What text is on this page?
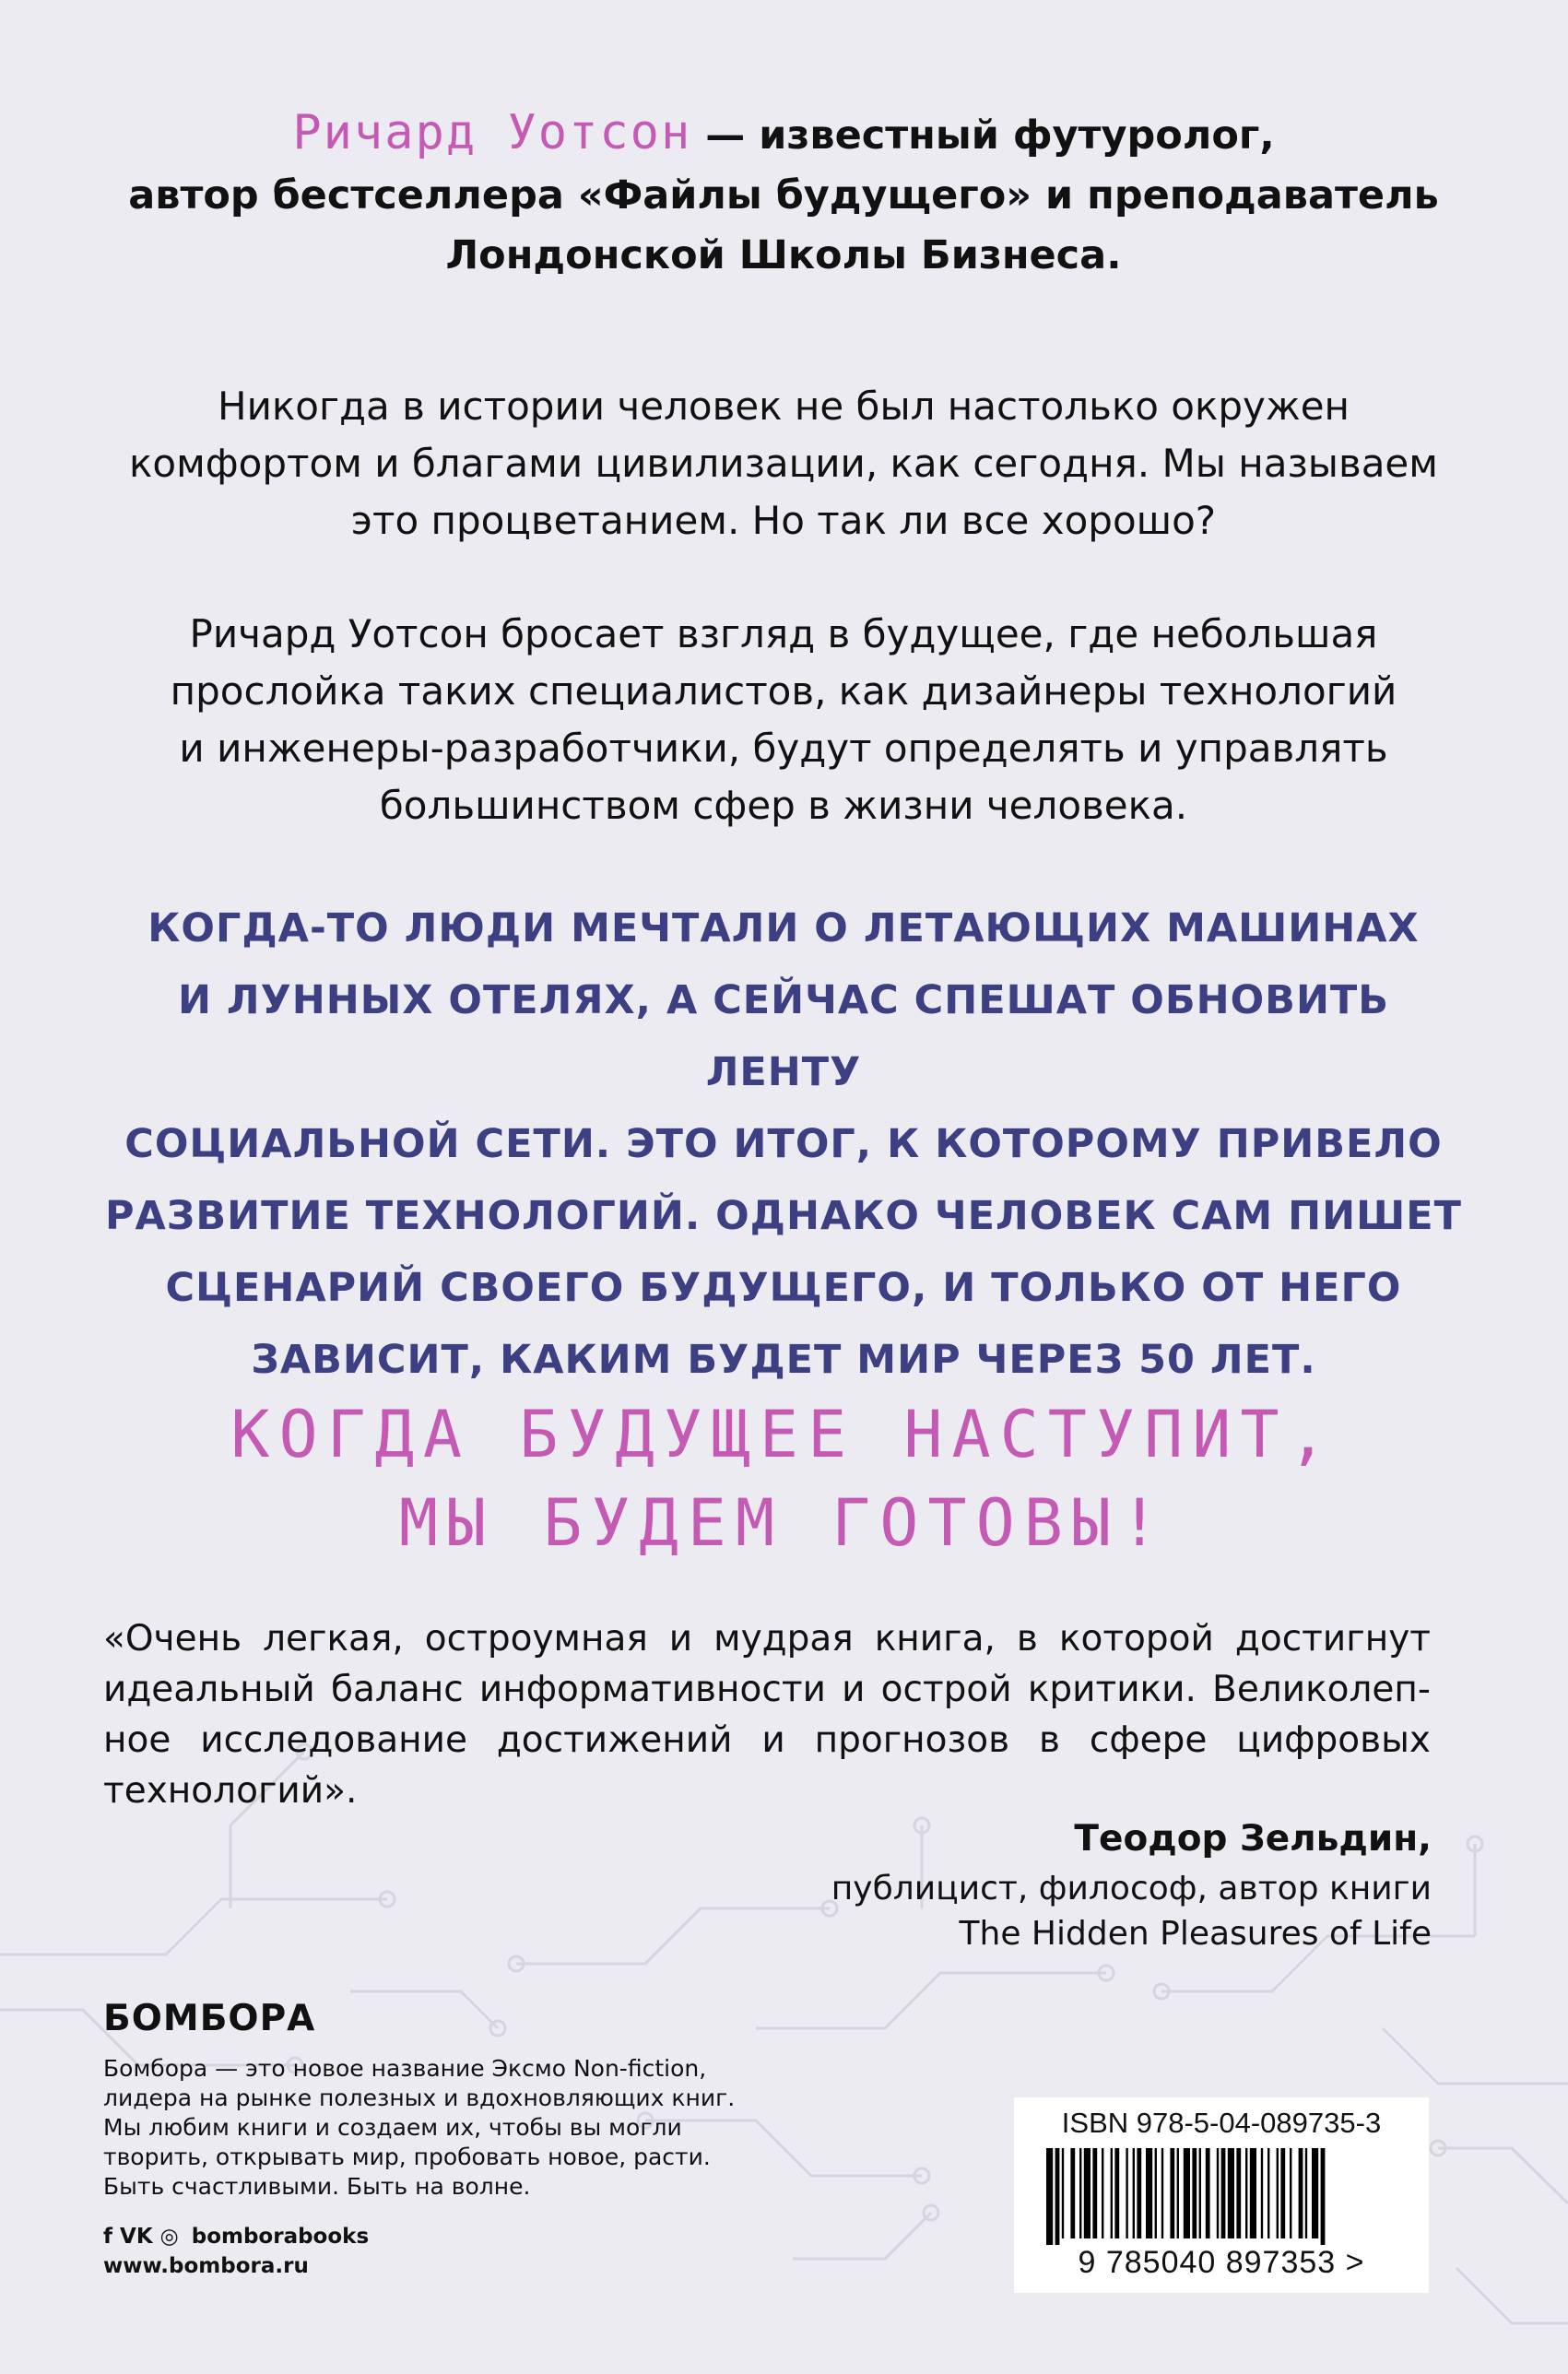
Ричард Уотсон — известный футуролог,
автор бестселлера «Файлы будущего» и преподаватель
Лондонской Школы Бизнеса.
Никогда в истории человек не был настолько окружен
комфортом и благами цивилизации, как сегодня. Мы называем
это процветанием. Но так ли все хорошо?
Ричард Уотсон бросает взгляд в будущее, где небольшая
прослойка таких специалистов, как дизайнеры технологий
и инженеры-разработчики, будут определять и управлять
большинством сфер в жизни человека.
КОГДА-ТО ЛЮДИ МЕЧТАЛИ О ЛЕТАЮЩИХ МАШИНАХ
И ЛУННЫХ ОТЕЛЯХ, А СЕЙЧАС СПЕШАТ ОБНОВИТЬ ЛЕНТУ
СОЦИАЛЬНОЙ СЕТИ. ЭТО ИТОГ, К КОТОРОМУ ПРИВЕЛО
РАЗВИТИЕ ТЕХНОЛОГИЙ. ОДНАКО ЧЕЛОВЕК САМ ПИШЕТ
СЦЕНАРИЙ СВОЕГО БУДУЩЕГО, И ТОЛЬКО ОТ НЕГО
ЗАВИСИТ, КАКИМ БУДЕТ МИР ЧЕРЕЗ 50 ЛЕТ.
КОГДА БУДУЩЕЕ НАСТУПИТ,
МЫ БУДЕМ ГОТОВЫ!
«Очень легкая, остроумная и мудрая книга, в которой достигнут
идеальный баланс информативности и острой критики. Великолеп-
ное исследование достижений и прогнозов в сфере цифровых
технологий».
Теодор Зельдин,
публицист, философ, автор книги
The Hidden Pleasures of Life
БОМБОРА
Бомбора — это новое название Эксмо Non-fiction,
лидера на рынке полезных и вдохновляющих книг.
Мы любим книги и создаем их, чтобы вы могли
творить, открывать мир, пробовать новое, расти.
Быть счастливыми. Быть на волне.
f VK ◎ bomborabooks
www.bombora.ru
ISBN 978-5-04-089735-3
9 785040 897353 >
